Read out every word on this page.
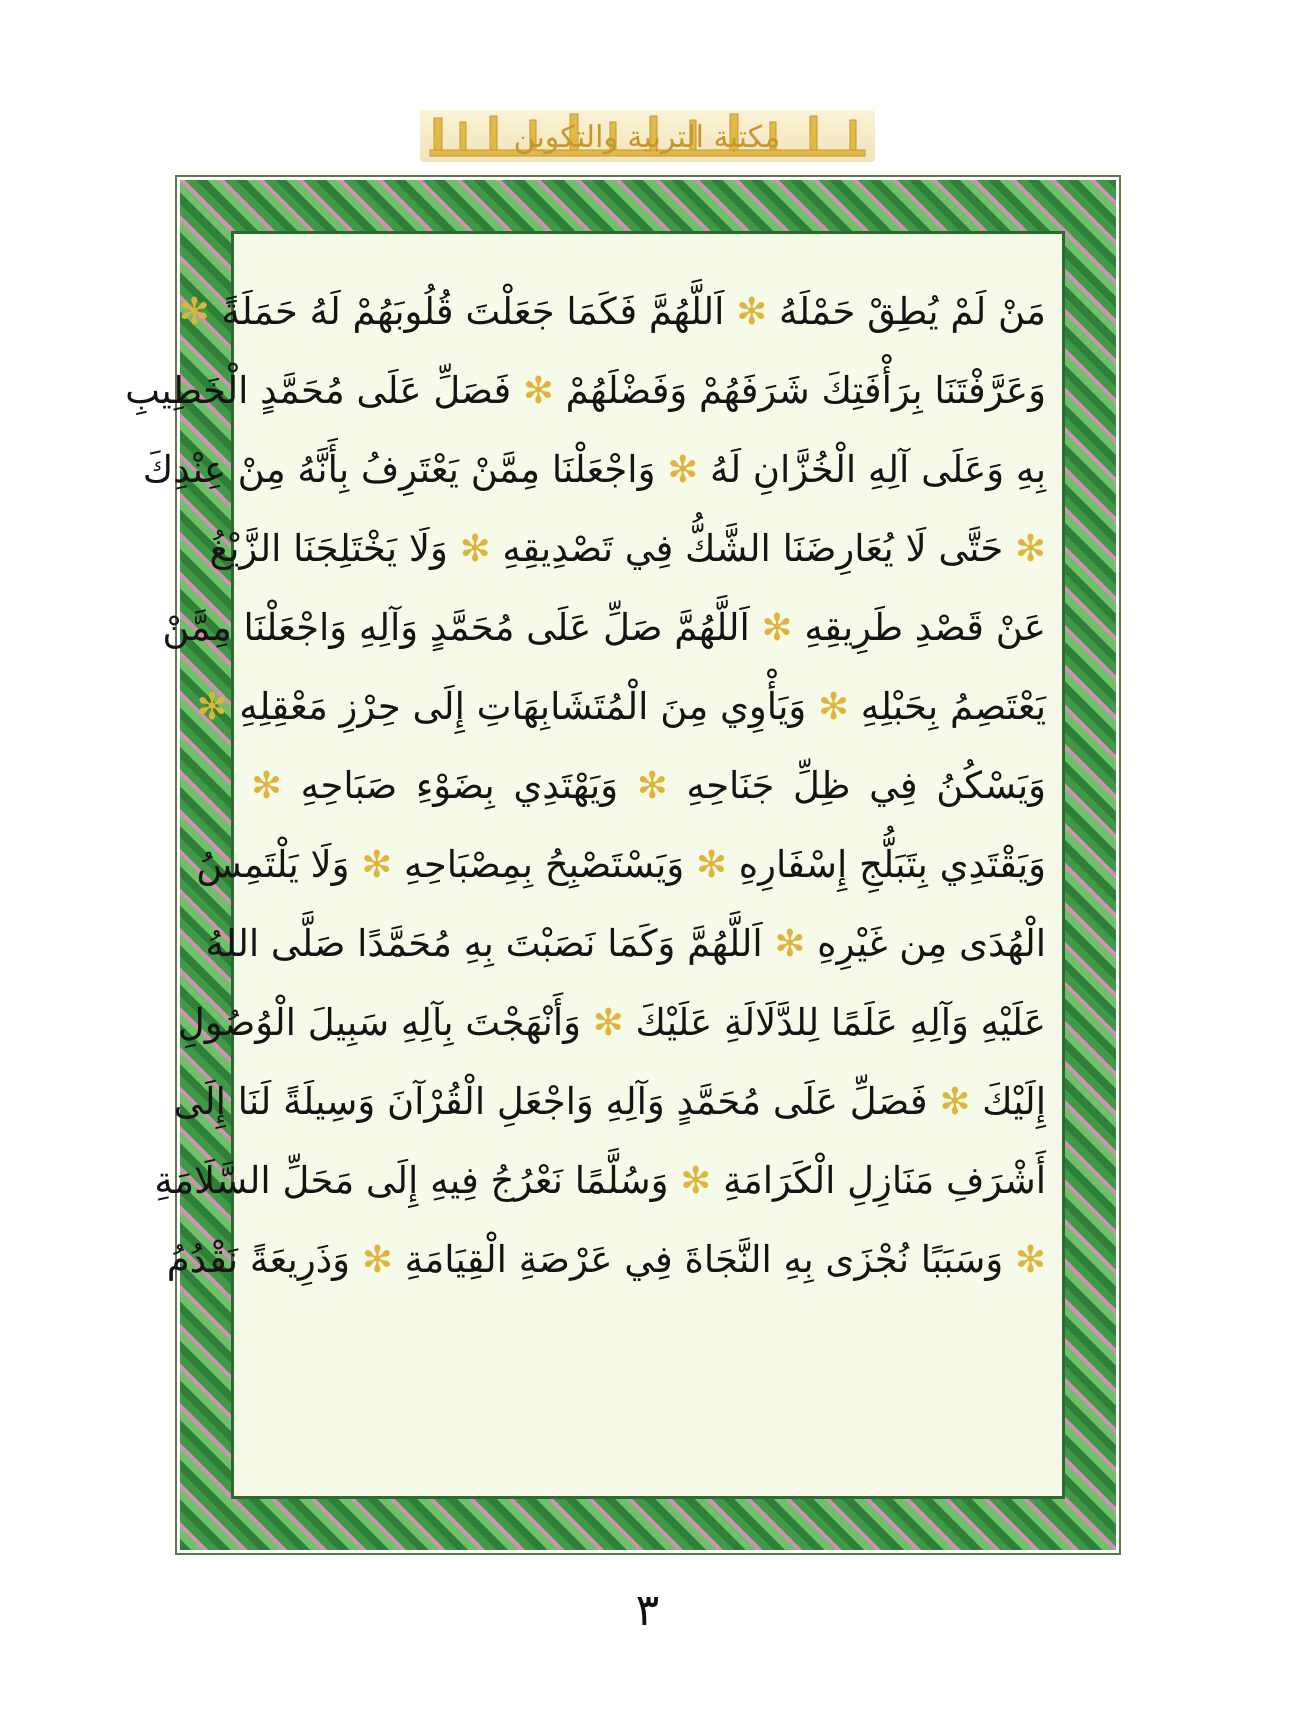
مكتبة التربية والتكوين
مَنْ لَمْ يُطِقْ حَمْلَهُ ✻ اَللَّهُمَّ فَكَمَا جَعَلْتَ قُلُوبَهُمْ لَهُ حَمَلَةً ✻
وَعَرَّفْتَنَا بِرَأْفَتِكَ شَرَفَهُمْ وَفَضْلَهُمْ ✻ فَصَلِّ عَلَى مُحَمَّدٍ الْخَطِيبِ
بِهِ وَعَلَى آلِهِ الْخُزَّانِ لَهُ ✻ وَاجْعَلْنَا مِمَّنْ يَعْتَرِفُ بِأَنَّهُ مِنْ عِنْدِكَ
✻ حَتَّى لَا يُعَارِضَنَا الشَّكُّ فِي تَصْدِيقِهِ ✻ وَلَا يَخْتَلِجَنَا الزَّيْغُ
عَنْ قَصْدِ طَرِيقِهِ ✻ اَللَّهُمَّ صَلِّ عَلَى مُحَمَّدٍ وَآلِهِ وَاجْعَلْنَا مِمَّنْ
يَعْتَصِمُ بِحَبْلِهِ ✻ وَيَأْوِي مِنَ الْمُتَشَابِهَاتِ إِلَى حِرْزِ مَعْقِلِهِ ✻
وَيَسْكُنُ فِي ظِلِّ جَنَاحِهِ ✻ وَيَهْتَدِي بِضَوْءِ صَبَاحِهِ ✻
وَيَقْتَدِي بِتَبَلُّجِ إِسْفَارِهِ ✻ وَيَسْتَصْبِحُ بِمِصْبَاحِهِ ✻ وَلَا يَلْتَمِسُ
الْهُدَى مِن غَيْرِهِ ✻ اَللَّهُمَّ وَكَمَا نَصَبْتَ بِهِ مُحَمَّدًا صَلَّى اللهُ
عَلَيْهِ وَآلِهِ عَلَمًا لِلدَّلَالَةِ عَلَيْكَ ✻ وَأَنْهَجْتَ بِآلِهِ سَبِيلَ الْوُصُولِ
إِلَيْكَ ✻ فَصَلِّ عَلَى مُحَمَّدٍ وَآلِهِ وَاجْعَلِ الْقُرْآنَ وَسِيلَةً لَنَا إِلَى
أَشْرَفِ مَنَازِلِ الْكَرَامَةِ ✻ وَسُلَّمًا نَعْرُجُ فِيهِ إِلَى مَحَلِّ السَّلَامَةِ
✻ وَسَبَبًا نُجْزَى بِهِ النَّجَاةَ فِي عَرْصَةِ الْقِيَامَةِ ✻ وَذَرِيعَةً نَقْدُمُ
٣
